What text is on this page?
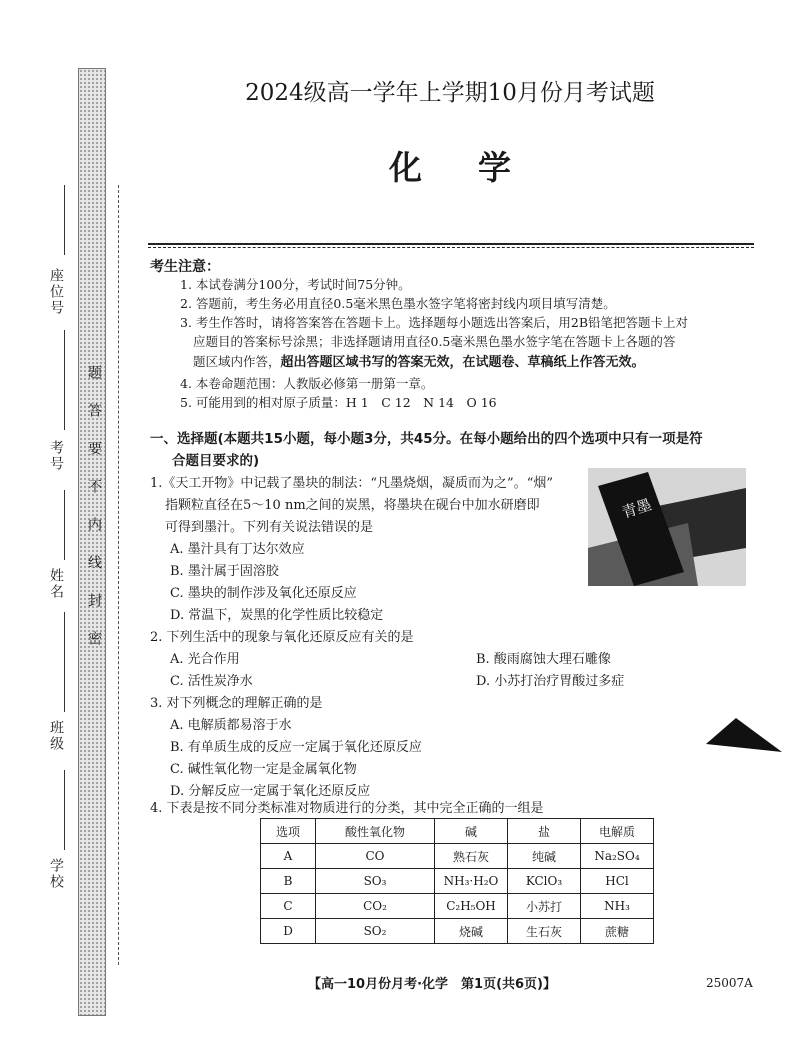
题答要不内线封密
座位号
考号
姓名
班级
学校
2024级高一学年上学期10月份月考试题
化学
考生注意：
1. 本试卷满分100分，考试时间75分钟。
2. 答题前，考生务必用直径0.5毫米黑色墨水签字笔将密封线内项目填写清楚。
3. 考生作答时，请将答案答在答题卡上。选择题每小题选出答案后，用2B铅笔把答题卡上对
应题目的答案标号涂黑；非选择题请用直径0.5毫米黑色墨水签字笔在答题卡上各题的答
题区域内作答，超出答题区域书写的答案无效，在试题卷、草稿纸上作答无效。
4. 本卷命题范围：人教版必修第一册第一章。
5. 可能用到的相对原子质量：H 1　C 12　N 14　O 16
一、选择题(本题共15小题，每小题3分，共45分。在每小题给出的四个选项中只有一项是符
合题目要求的)
1.《天工开物》中记载了墨块的制法：“凡墨烧烟，凝质而为之”。“烟”
指颗粒直径在5～10 nm之间的炭黑，将墨块在砚台中加水研磨即
可得到墨汁。下列有关说法错误的是
A. 墨汁具有丁达尔效应
B. 墨汁属于固溶胶
C. 墨块的制作涉及氧化还原反应
D. 常温下，炭黑的化学性质比较稳定
青墨
2. 下列生活中的现象与氧化还原反应有关的是
A. 光合作用	B. 酸雨腐蚀大理石雕像
C. 活性炭净水	D. 小苏打治疗胃酸过多症
3. 对下列概念的理解正确的是
A. 电解质都易溶于水
B. 有单质生成的反应一定属于氧化还原反应
C. 碱性氧化物一定是金属氧化物
D. 分解反应一定属于氧化还原反应
4. 下表是按不同分类标准对物质进行的分类，其中完全正确的一组是
选项	酸性氧化物	碱	盐	电解质
A	CO	熟石灰	纯碱	Na₂SO₄
B	SO₃	NH₃·H₂O	KClO₃	HCl
C	CO₂	C₂H₅OH	小苏打	NH₃
D	SO₂	烧碱	生石灰	蔗糖
【高一10月份月考·化学　第1页(共6页)】	25007A
